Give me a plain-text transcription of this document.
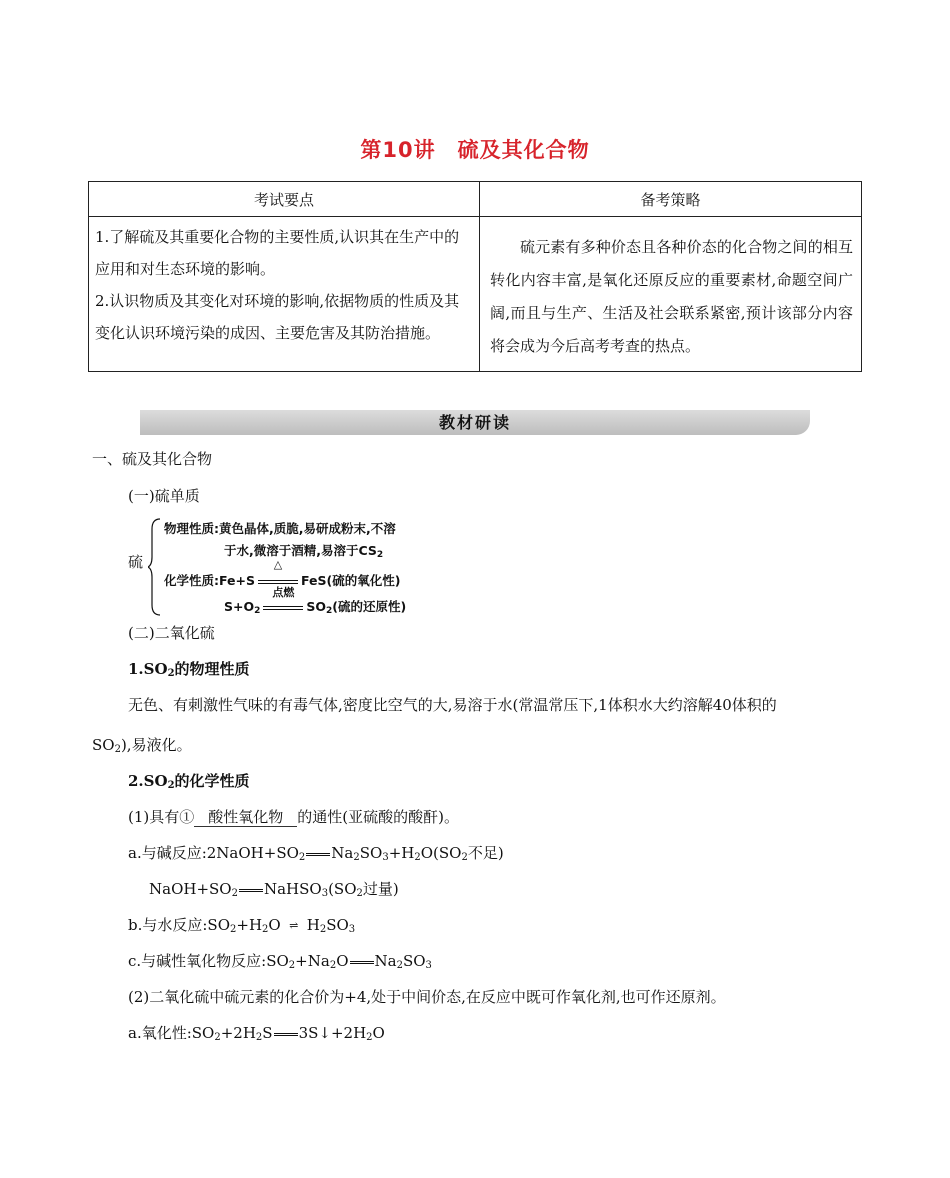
第10讲 硫及其化合物
考试要点	备考策略

1.了解硫及其重要化合物的主要性质,认识其在生产中的应用和对生态环境的影响。
2.认识物质及其变化对环境的影响,依据物质的性质及其变化认识环境污染的成因、主要危害及其防治措施。	硫元素有多种价态且各种价态的化合物之间的相互转化内容丰富,是氧化还原反应的重要素材,命题空间广阔,而且与生产、生活及社会联系紧密,预计该部分内容将会成为今后高考考查的热点。
教材研读
一、硫及其化合物
(一)硫单质
硫
物理性质:黄色晶体,质脆,易研成粉末,不溶
于水,微溶于酒精,易溶于$CS_2$
化学性质:Fe+S
△
FeS(硫的氧化性)
$S+O_2$
点燃
$SO_2$(硫的还原性)
(二)二氧化硫
$1.SO_2$的物理性质
无色、有刺激性气味的有毒气体,密度比空气的大,易溶于水(常温常压下,1体积水大约溶解40体积的
$SO_2$),易液化。
$2.SO_2$的化学性质
(1)具有① 酸性氧化物 的通性(亚硫酸的酸酐)。
a.与碱反应$:2NaOH+SO_2$ $Na_2SO_3+H_2O(SO_2$不足)
$NaOH+SO_2$ $NaHSO_3(SO_2$过量)
b.与水反应$:SO_2+H_2O$ ⇌ $H_2SO_3$
c.与碱性氧化物反应$:SO_2+Na_2O$ $Na_2SO_3$
(2)二氧化硫中硫元素的化合价为+4,处于中间价态,在反应中既可作氧化剂,也可作还原剂。
a.氧化性$:SO_2+2H_2S$ $3S↓+2H_2O$
